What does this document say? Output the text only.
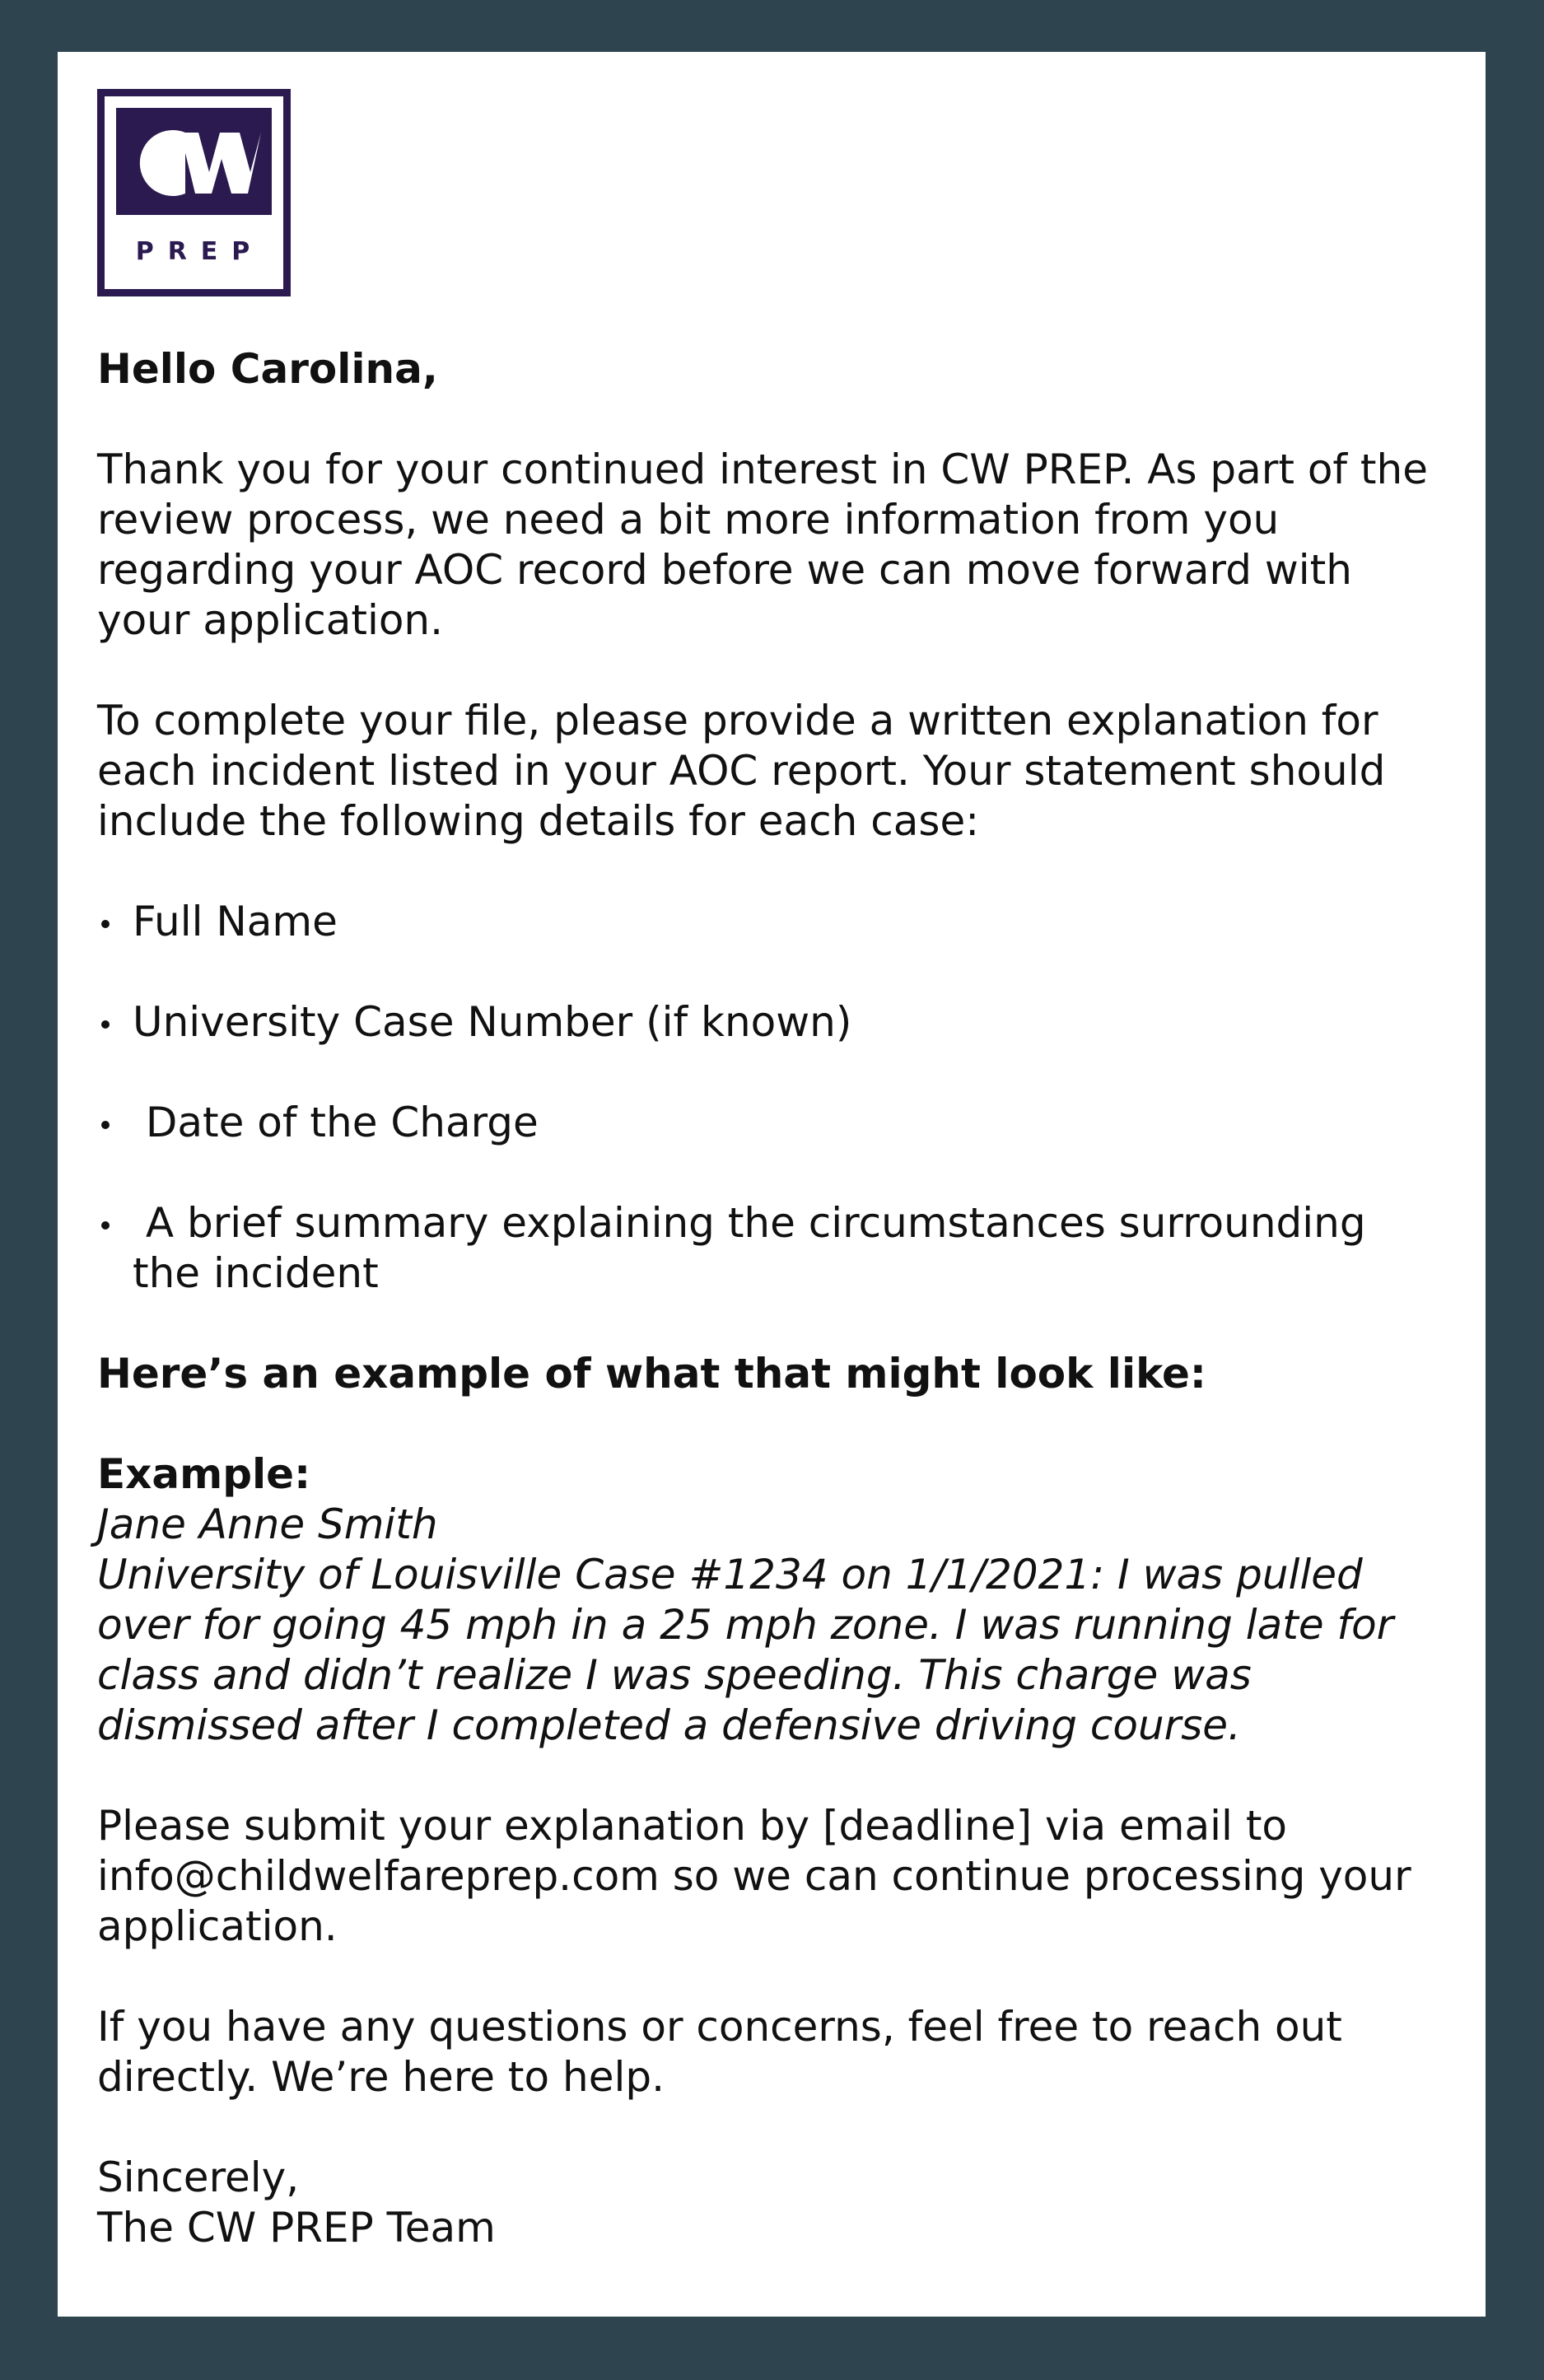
PREP

Hello Carolina,

Thank you for your continued interest in CW PREP. As part of the review process, we need a bit more information from you regarding your AOC record before we can move forward with your application.

To complete your file, please provide a written explanation for each incident listed in your AOC report. Your statement should include the following details for each case:

Full Name
University Case Number (if known)
Date of the Charge
A brief summary explaining the circumstances surrounding the incident

Here’s an example of what that might look like:

Example:
Jane Anne Smith
University of Louisville Case #1234 on 1/1/2021: I was pulled over for going 45 mph in a 25 mph zone. I was running late for class and didn’t realize I was speeding. This charge was dismissed after I completed a defensive driving course.

Please submit your explanation by [deadline] via email to info@childwelfareprep.com so we can continue processing your application.

If you have any questions or concerns, feel free to reach out directly. We’re here to help.

Sincerely,
The CW PREP Team
